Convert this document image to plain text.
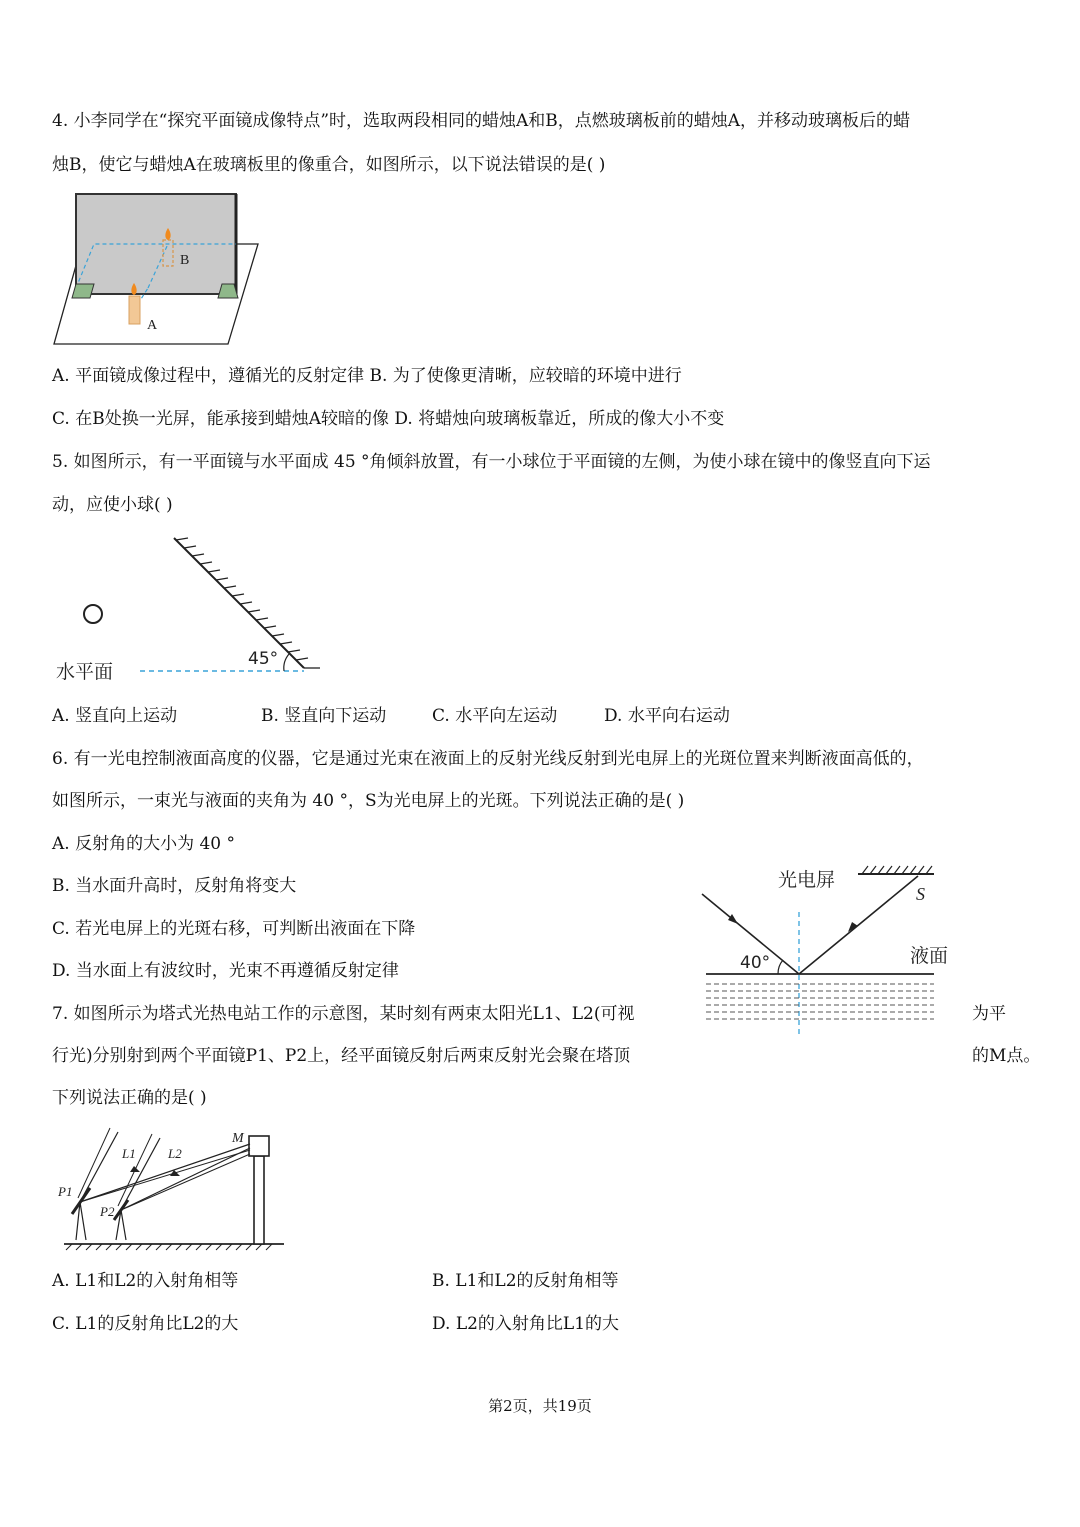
4. 小李同学在“探究平面镜成像特点”时，选取两段相同的蜡烛A和B，点燃玻璃板前的蜡烛A，并移动玻璃板后的蜡
烛B，使它与蜡烛A在玻璃板里的像重合，如图所示，以下说法错误的是( )
B
A
A. 平面镜成像过程中，遵循光的反射定律 B. 为了使像更清晰，应较暗的环境中进行
C. 在B处换一光屏，能承接到蜡烛A较暗的像 D. 将蜡烛向玻璃板靠近，所成的像大小不变
5. 如图所示，有一平面镜与水平面成 45 °角倾斜放置，有一小球位于平面镜的左侧，为使小球在镜中的像竖直向下运
动，应使小球( )
45°
水平面
A. 竖直向上运动	B. 竖直向下运动	C. 水平向左运动	D. 水平向右运动
6. 有一光电控制液面高度的仪器，它是通过光束在液面上的反射光线反射到光电屏上的光斑位置来判断液面高低的，
如图所示，一束光与液面的夹角为 40 °，S为光电屏上的光斑。下列说法正确的是( )
A. 反射角的大小为 40 °
B. 当水面升高时，反射角将变大
C. 若光电屏上的光斑右移，可判断出液面在下降
D. 当水面上有波纹时，光束不再遵循反射定律
光电屏
S
液面
40°
7. 如图所示为塔式光热电站工作的示意图，某时刻有两束太阳光L1、L2(可视	为平
行光)分别射到两个平面镜P1、P2上，经平面镜反射后两束反射光会聚在塔顶	的M点。
下列说法正确的是( )
M
P1
P2
L1 L2
A. L1和L2的入射角相等	B. L1和L2的反射角相等
C. L1的反射角比L2的大	D. L2的入射角比L1的大
第2页，共19页
